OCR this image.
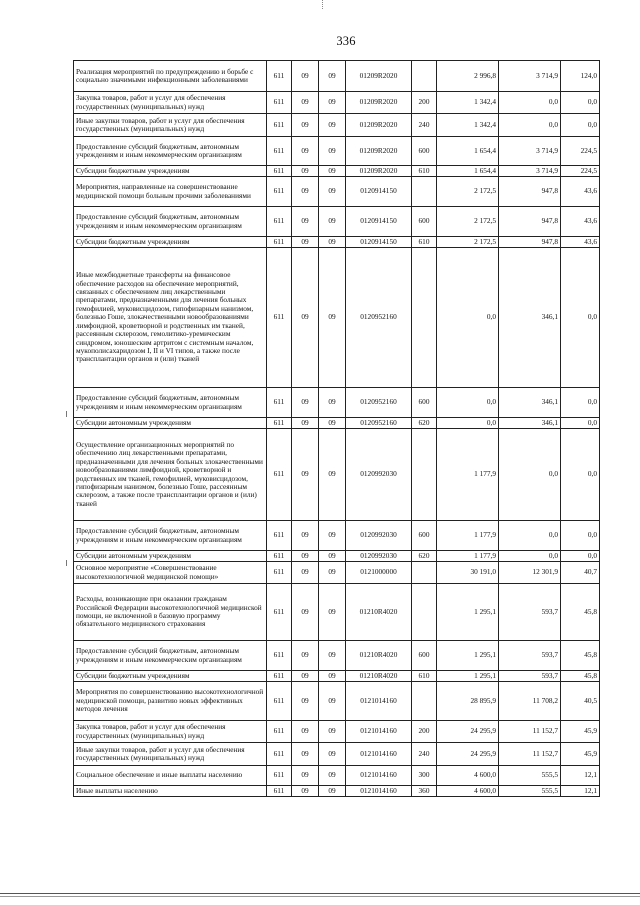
336
Реализация мероприятий по предупреждению и борьбе с социально значимыми инфекционными заболеваниями	611	09	09	01209R2020		2 996,8	3 714,9	124,0
Закупка товаров, работ и услуг для обеспечения государственных (муниципальных) нужд	611	09	09	01209R2020	200	1 342,4	0,0	0,0
Иные закупки товаров, работ и услуг для обеспечения государственных (муниципальных) нужд	611	09	09	01209R2020	240	1 342,4	0,0	0,0
Предоставление субсидий бюджетным, автономным учреждениям и иным некоммерческим организациям	611	09	09	01209R2020	600	1 654,4	3 714,9	224,5
Субсидии бюджетным учреждениям	611	09	09	01209R2020	610	1 654,4	3 714,9	224,5
Мероприятия, направленные на совершенствование медицинской помощи больным прочими заболеваниями	611	09	09	0120914150		2 172,5	947,8	43,6
Предоставление субсидий бюджетным, автономным учреждениям и иным некоммерческим организациям	611	09	09	0120914150	600	2 172,5	947,8	43,6
Субсидии бюджетным учреждениям	611	09	09	0120914150	610	2 172,5	947,8	43,6
Иные межбюджетные трансферты на финансовое обеспечение расходов на обеспечение мероприятий, связанных с обеспечением лиц лекарственными препаратами, предназначенными для лечения больных гемофилией, муковисцидозом, гипофизарным нанизмом, болезнью Гоше, злокачественными новообразованиями лимфоидной, кроветворной и родственных им тканей, рассеянным склерозом, гемолитико-уремическим синдромом, юношеским артритом с системным началом, мукополисахаридозом I, II и VI типов, а также после трансплантации органов и (или) тканей	611	09	09	0120952160		0,0	346,1	0,0
Предоставление субсидий бюджетным, автономным учреждениям и иным некоммерческим организациям	611	09	09	0120952160	600	0,0	346,1	0,0
Субсидии автономным учреждениям	611	09	09	0120952160	620	0,0	346,1	0,0
Осуществление организационных мероприятий по обеспечению лиц лекарственными препаратами, предназначенными для лечения больных злокачественными новообразованиями лимфоидной, кроветворной и родственных им тканей, гемофилией, муковисцидозом, гипофизарным нанизмом, болезнью Гоше, рассеянным склерозом, а также после трансплантации органов и (или) тканей	611	09	09	0120992030		1 177,9	0,0	0,0
Предоставление субсидий бюджетным, автономным учреждениям и иным некоммерческим организациям	611	09	09	0120992030	600	1 177,9	0,0	0,0
Субсидии автономным учреждениям	611	09	09	0120992030	620	1 177,9	0,0	0,0
Основное мероприятие «Совершенствование высокотехнологичной медицинской помощи»	611	09	09	0121000000		30 191,0	12 301,9	40,7
Расходы, возникающие при оказании гражданам Российской Федерации высокотехнологичной медицинской помощи, не включенной в базовую программу обязательного медицинского страхования	611	09	09	01210R4020		1 295,1	593,7	45,8
Предоставление субсидий бюджетным, автономным учреждениям и иным некоммерческим организациям	611	09	09	01210R4020	600	1 295,1	593,7	45,8
Субсидии бюджетным учреждениям	611	09	09	01210R4020	610	1 295,1	593,7	45,8
Мероприятия по совершенствованию высокотехнологичной медицинской помощи, развитию новых эффективных методов лечения	611	09	09	0121014160		28 895,9	11 708,2	40,5
Закупка товаров, работ и услуг для обеспечения государственных (муниципальных) нужд	611	09	09	0121014160	200	24 295,9	11 152,7	45,9
Иные закупки товаров, работ и услуг для обеспечения государственных (муниципальных) нужд	611	09	09	0121014160	240	24 295,9	11 152,7	45,9
Социальное обеспечение и иные выплаты населению	611	09	09	0121014160	300	4 600,0	555,5	12,1
Иные выплаты населению	611	09	09	0121014160	360	4 600,0	555,5	12,1
